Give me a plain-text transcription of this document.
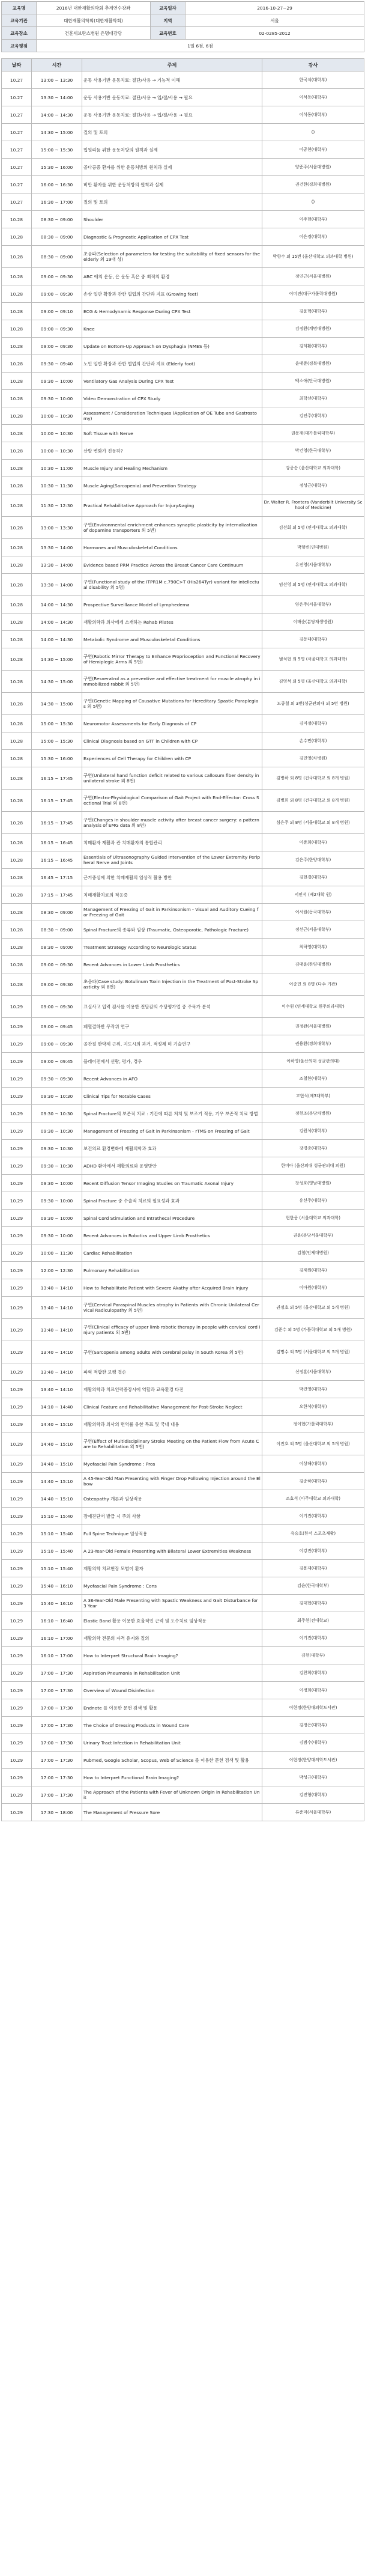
교육명	2016년 대한재활의학회 추계연수강좌	교육일자	2016-10-27~29
교육기관	대한재활의학회(대한재활학회)	지역	서울
교육장소	건훈세브란스병원 은명대강당	교육번호	02-0285-2012
교육평점	1일 6점, 6점		
날짜	시간	주제	강사
10.27	13:00 ~ 13:30	운동 사용기반 운동치료: 절단/사용 → 기능적 이해	한국치(대학부)
10.27	13:30 ~ 14:00	운동 사용기반 운동치료: 절단/사용 → 입/절/사용 → 필요	이석동(대학부)
10.27	14:00 ~ 14:30	운동 사용기반 운동치료: 절단/사용 → 입/절/사용 → 필요	이석동(대학부)
10.27	14:30 ~ 15:00	질의 및 토의	()
10.27	15:00 ~ 15:30	입원리듬 위한 운동처방의 원칙과 실제	이공현(대학부)
10.27	15:30 ~ 16:00	골다공증 환자를 위한 운동처방의 원칙과 실제	양준주(서울대병원)
10.27	16:00 ~ 16:30	비만 환자를 위한 운동처방의 원칙과 실제	권건한(경희대병원)
10.27	16:30 ~ 17:00	질의 및 토의	()
10.28	08:30 ~ 09:00	Shoulder	이주현(대학부)
10.28	08:30 ~ 09:00	Diagnostic & Prognostic Application of CPX Test	이은경(대학부)
10.28	08:30 ~ 09:00	초음파(Selection of parameters for testing the suitability of fixed sensors for the elderly 외 19대 성)	박향수 외 15번 (울산대학교 의과대학 병원)
10.28	09:00 ~ 09:30	ABC 애의 운동, 은 운동 혹은 중 최적의 환경	정연근(서울대병원)
10.28	09:00 ~ 09:30	손상 일반 확장과 관한 협업의 간단과 지표 (Growing feet)	이미진(대구가톨릭대병원)
10.28	09:00 ~ 09:10	ECG & Hemodynamic Response During CPX Test	김윤혁(대학부)
10.28	09:00 ~ 09:30	Knee	김정환(계명대병원)
10.28	09:00 ~ 09:30	Update on Bottom-Up Approach on Dysphagia (NMES 등)	김덕환(대학부)
10.28	09:30 ~ 09:40	노인 일반 확장과 관한 협업의 간단과 지표 (Elderly foot)	윤태준(경북대병원)
10.28	09:30 ~ 10:00	Ventilatory Gas Analysis During CPX Test	백소애(단국대병원)
10.28	09:30 ~ 10:00	Video Demonstration of CPX Study	최학선(대학부)
10.28	10:00 ~ 10:30	Assessment / Consideration Techniques (Application of OE Tube and Gastrostomy)	김인주(대학부)
10.28	10:00 ~ 10:30	Soft Tissue with Nerve	권용재(대가톨릭대학부)
10.28	10:00 ~ 10:30	산발 변화가 진동하?	박건영(한국대학부)
10.28	10:30 ~ 11:00	Muscle Injury and Healing Mechanism	강종순 (울산대학교 의과대학)
10.28	10:30 ~ 11:30	Muscle Aging(Sarcopenia) and Prevention Strategy	정성근(대학부)
10.28	11:30 ~ 12:30	Practical Rehabilitative Approach for Injury&aging	Dr. Walter R. Frontera (Vanderbilt University School of Medicine)
10.28	13:00 ~ 13:30	구연(Environmental enrichment enhances synaptic plasticity by internalization of dopamine transporters 외 5번)	김선회 외 5명 (연세대학교 의과대학)
10.28	13:30 ~ 14:00	Hormones and Musculoskeletal Conditions	박형빈(연대병원)
10.28	13:30 ~ 14:00	Evidence based PRM Practice Across the Breast Cancer Care Continuum	유진영(서울대학부)
10.28	13:30 ~ 14:00	구연(Functional study of the ITPR1M c.790C>T (His264Tyr) variant for intellectual disability 외 5명)	임선영 외 5명 (연세대학교 의과대학)
10.28	14:00 ~ 14:30	Prospective Surveillance Model of Lymphedema	양은주(서울대학부)
10.28	14:00 ~ 14:30	재활의학과 의사에게 소개하는 Rehab Pilates	이배순(분당재생병원)
10.28	14:00 ~ 14:30	Metabolic Syndrome and Musculoskeletal Conditions	김동대(대학부)
10.28	14:30 ~ 15:00	구연(Robotic Mirror Therapy to Enhance Proprioception and Functional Recovery of Hemiplegic Arms 외 5번)	범석현 외 5명 (서울대학교 의과대학)
10.28	14:30 ~ 15:00	구연(Resveratrol as a preventive and effective treatment for muscle atrophy in immobilized rabbit 외 5번)	김영석 외 5명 (울산대학교 의과대학)
10.28	14:30 ~ 15:00	구연(Genetic Mapping of Causative Mutations for Hereditary Spastic Paraplegias 외 5번)	도종철 외 3번(성균관의대 외 5번 병원)
10.28	15:00 ~ 15:30	Neuromotor Assessments for Early Diagnosis of CP	김미정(대학부)
10.28	15:00 ~ 15:30	Clinical Diagnosis based on GTT in Children with CP	손수민(대학부)
10.28	15:30 ~ 16:00	Experiences of Cell Therapy for Children with CP	김민영(차병원)
10.28	16:15 ~ 17:45	구연(Unilateral hand function deficit related to various callosum fiber density in unilateral stroke 외 8번)	김병하 외 8명 (건국대학교 외 8개 병원)
10.28	16:15 ~ 17:45	구연(Electro-Physiological Comparison of Gait Project with End-Effector: Cross Sectional Trial 외 8번)	김병희 외 8명 (건국대학교 외 8개 병원)
10.28	16:15 ~ 17:45	구연(Changes in shoulder muscle activity after breast cancer surgery: a pattern analysis of EMG data 외 8번)	심은주 외 8명 (서울대학교 외 8개 병원)
10.28	16:15 ~ 16:45	치매환자 재활과 관 치매환자의 통합관리	이준희(대학부)
10.28	16:15 ~ 16:45	Essentials of Ultrasonography Guided Intervention of the Lower Extremity Peripheral Nerve and Joints	김은주(한양대학부)
10.28	16:45 ~ 17:15	근거중심에 의한 치매재활의 임상적 활용 방안	김현경(대학부)
10.28	17:15 ~ 17:45	치매재활치료의 적응증	서인석 (제2대학 원)
10.28	08:30 ~ 09:00	Management of Freezing of Gait in Parkinsonism - Visual and Auditory Cueing for Freezing of Gait	이서원(동국대학부)
10.28	08:30 ~ 09:00	Spinal Fracture의 종류와 임상 (Traumatic, Osteoporotic, Pathologic Fracture)	정선근(서울대학부)
10.28	08:30 ~ 09:00	Treatment Strategy According to Neurologic Status	최하영(대학부)
10.28	09:00 ~ 09:30	Recent Advances in Lower Limb Prosthetics	김태윤(한양대병원)
10.28	09:00 ~ 09:30	초음파(Case study: Botulinum Toxin Injection in the Treatment of Post-Stroke Spasticity 외 8번)	이종민 외 8명 (다수 기관)
10.29	09:00 ~ 09:30	끄실사고 입력 검사를 이용한 전달감의 수당평가업 중 주목가 분석	이수원 (연세대학교 원주의과대학)
10.29	09:00 ~ 09:45	패혈결하반 무작위 연구	권정완(서울대병원)
10.29	09:00 ~ 09:30	골관절 한약제 근위, 지도시의 과거, 적정제 미 기술연구	권용환(경희대학부)
10.29	09:00 ~ 09:45	플레이전에서 선량, 평가, 경우	이하영(울산의대 성균관의대)
10.29	09:30 ~ 09:30	Recent Advances in AFO	조철한(대학부)
10.29	09:30 ~ 10:30	Clinical Tips for Notable Cases	고현석(제3대학부)
10.29	09:30 ~ 10:30	Spinal Fracture의 보존적 치료 : 기간에 따른 처치 및 보조기 적용, 기우 보존적 치료 방법	정현조(분당차병원)
10.29	09:30 ~ 10:30	Management of Freezing of Gait in Parkinsonism - rTMS on Freezing of Gait	김원석(대학부)
10.29	09:30 ~ 10:30	보건의료 환경변화에 재활의학과 효과	강경종(대학부)
10.29	09:30 ~ 10:30	ADHD 환아에서 재활의료와 운영방안	한미아 (울산의대 성균관의대 의원)
10.29	09:30 ~ 10:00	Recent Diffusion Tensor Imaging Studies on Traumatic Axonal Injury	장성호(영남대병원)
10.29	09:30 ~ 10:00	Spinal Fracture 중 수술적 치료의 필요성과 효과	유선주(대학부)
10.29	09:30 ~ 10:00	Spinal Cord Stimulation and Intrathecal Procedure	현한웅 (서울대학교 의과대학)
10.29	09:30 ~ 10:00	Recent Advances in Robotics and Upper Limb Prosthetics	권윤(분당서울대학부)
10.29	10:00 ~ 11:30	Cardiac Rehabilitation	김철(인제대병원)
10.29	12:00 ~ 12:30	Pulmonary Rehabilitation	김재원(대학부)
10.29	13:40 ~ 14:10	How to Rehabilitate Patient with Severe Akathy after Acquired Brain Injury	이아원(대학부)
10.29	13:40 ~ 14:10	구연(Cervical Paraspinal Muscles atrophy in Patients with Chronic Unilateral Cervical Radiculopathy 외 5번)	권정호 외 5명 (울산대학교 외 5개 병원)
10.29	13:40 ~ 14:10	구연(Clinical efficacy of upper limb robotic therapy in people with cervical cord injury patients 외 5번)	김준수 외 5명 (가톨릭대학교 외 5개 병원)
10.29	13:40 ~ 14:10	구연(Sarcopenia among adults with cerebral palsy in South Korea 외 5번)	김명수 외 5명 (서울대학교 외 5개 병원)
10.29	13:40 ~ 14:10	파혁 적합한 보행 결손	신정훈(서울대학부)
10.29	13:40 ~ 14:10	재활의학과 치료인력증장시에 역할과 교육환경 타진	박건영(대학부)
10.29	14:10 ~ 14:40	Clinical Feature and Rehabilitative Management for Post-Stroke Neglect	오한석(대학부)
10.29	14:40 ~ 15:10	재활의학과 의사의 면역률 유한 특표 및 국내 내용	정이현(가톨릭대학부)
10.29	14:40 ~ 15:10	구연(Effect of Multidisciplinary Stroke Meeting on the Patient Flow from Acute Care to Rehabilitation 외 5번)	이진호 외 5명 (울산대학교 외 5개 병원)
10.29	14:40 ~ 15:10	Myofascial Pain Syndrome : Pros	이상해(대학부)
10.29	14:40 ~ 15:10	A 45-Year-Old Man Presenting with Finger Drop Following Injection around the Elbow	김종하(대학부)
10.29	14:40 ~ 15:10	Osteopathy 개론과 임상적용	조효석 (아주대학교 의과대학)
10.29	15:10 ~ 15:40	장애진단서 발급 시 주의 사항	이기진(대학부)
10.29	15:10 ~ 15:40	Full Spine Technique 임상적용	유승호(한서 스포츠재활)
10.29	15:10 ~ 15:40	A 23-Year-Old Female Presenting with Bilateral Lower Extremities Weakness	이강진(대학부)
10.29	15:10 ~ 15:40	재활의학 치료현장 모범이 환자	김용재(대학부)
10.29	15:40 ~ 16:10	Myofascial Pain Syndrome : Cons	김윤(한국대학부)
10.29	15:40 ~ 16:10	A 36-Year-Old Male Presenting with Spastic Weakness and Gait Disturbance for 3 Year	김대헌(대학부)
10.29	16:10 ~ 16:40	Elastic Band 활용 이용한 효율적인 근력 및 도수치료 임상적용	최주현(전대학교)
10.29	16:10 ~ 17:00	재활의학 전문의 자격 유지와 질의	이기진(대학부)
10.29	16:10 ~ 17:00	How to Interpret Structural Brain Imaging?	김현(대학부)
10.29	17:00 ~ 17:30	Aspiration Pneumonia in Rehabilitation Unit	김찬희(대학부)
10.29	17:00 ~ 17:30	Overview of Wound Disinfection	이정희(대학부)
10.29	17:00 ~ 17:30	Endnote 를 이용한 문헌 검색 및 활용	이현정(한양대의학도서관)
10.29	17:00 ~ 17:30	The Choice of Dressing Products in Wound Care	김정은(대학부)
10.29	17:00 ~ 17:30	Urinary Tract Infection in Rehabilitation Unit	김범수(대학부)
10.29	17:00 ~ 17:30	Pubmed, Google Scholar, Scopus, Web of Science 를 이용한 문헌 검색 및 활용	이현정(한양대의학도서관)
10.29	17:00 ~ 17:30	How to Interpret Functional Brain Imaging?	박성규(대학부)
10.29	17:00 ~ 17:30	The Approach of the Patients with Fever of Unknown Origin in Rehabilitation Unit	김진형(대학부)
10.29	17:30 ~ 18:00	The Management of Pressure Sore	류준미(서울대학부)
